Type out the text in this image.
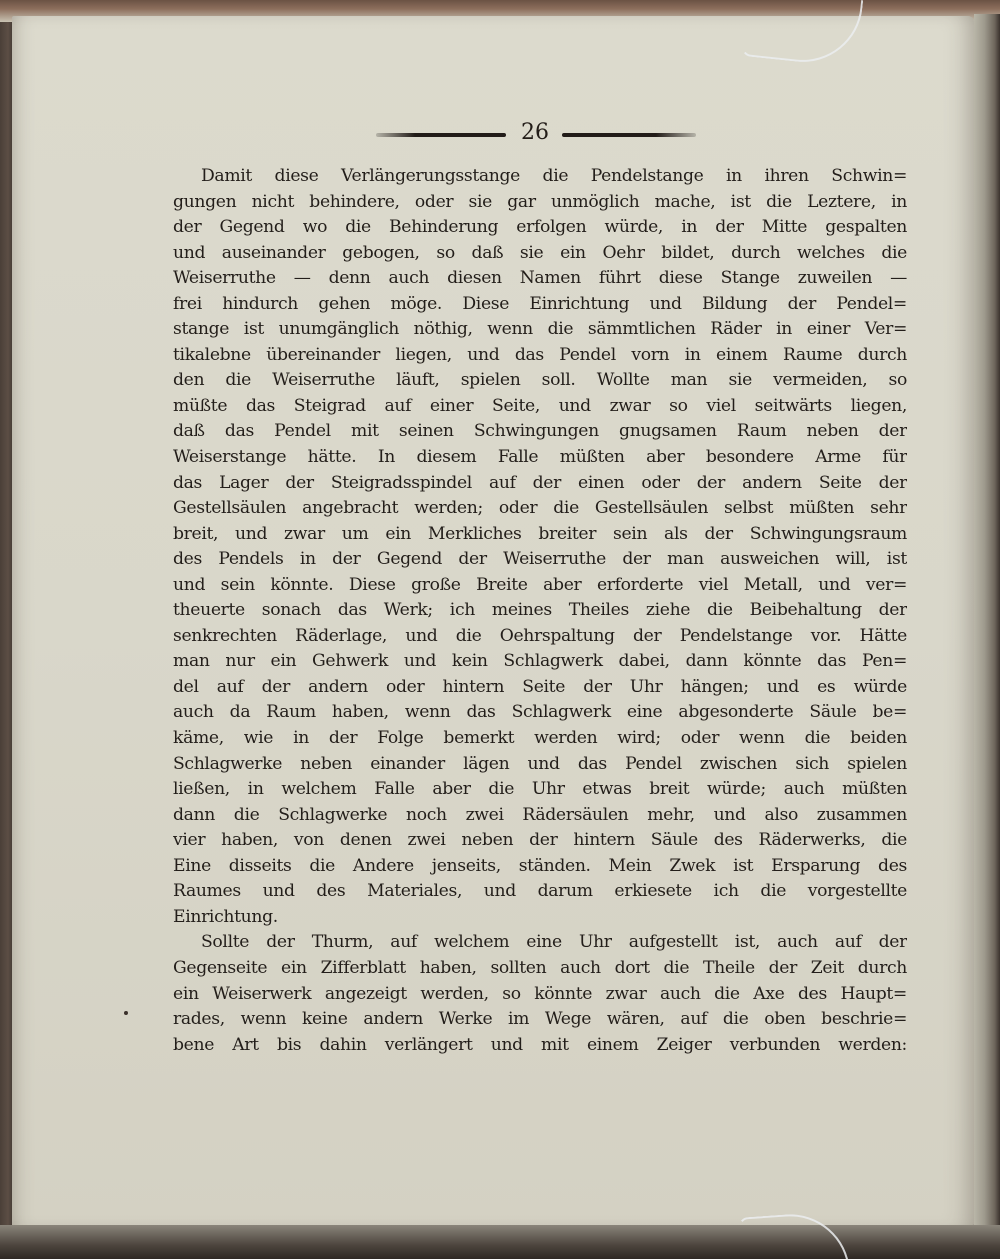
26
Damit diese Verlängerungsstange die Pendelstange in ihren Schwin=
gungen nicht behindere, oder sie gar unmöglich mache, ist die Leztere, in
der Gegend wo die Behinderung erfolgen würde, in der Mitte gespalten
und auseinander gebogen, so daß sie ein Oehr bildet, durch welches die
Weiserruthe — denn auch diesen Namen führt diese Stange zuweilen —
frei hindurch gehen möge. Diese Einrichtung und Bildung der Pendel=
stange ist unumgänglich nöthig, wenn die sämmtlichen Räder in einer Ver=
tikalebne übereinander liegen, und das Pendel vorn in einem Raume durch
den die Weiserruthe läuft, spielen soll. Wollte man sie vermeiden, so
müßte das Steigrad auf einer Seite, und zwar so viel seitwärts liegen,
daß das Pendel mit seinen Schwingungen gnugsamen Raum neben der
Weiserstange hätte. In diesem Falle müßten aber besondere Arme für
das Lager der Steigradsspindel auf der einen oder der andern Seite der
Gestellsäulen angebracht werden; oder die Gestellsäulen selbst müßten sehr
breit, und zwar um ein Merkliches breiter sein als der Schwingungsraum
des Pendels in der Gegend der Weiserruthe der man ausweichen will, ist
und sein könnte. Diese große Breite aber erforderte viel Metall, und ver=
theuerte sonach das Werk; ich meines Theiles ziehe die Beibehaltung der
senkrechten Räderlage, und die Oehrspaltung der Pendelstange vor. Hätte
man nur ein Gehwerk und kein Schlagwerk dabei, dann könnte das Pen=
del auf der andern oder hintern Seite der Uhr hängen; und es würde
auch da Raum haben, wenn das Schlagwerk eine abgesonderte Säule be=
käme, wie in der Folge bemerkt werden wird; oder wenn die beiden
Schlagwerke neben einander lägen und das Pendel zwischen sich spielen
ließen, in welchem Falle aber die Uhr etwas breit würde; auch müßten
dann die Schlagwerke noch zwei Rädersäulen mehr, und also zusammen
vier haben, von denen zwei neben der hintern Säule des Räderwerks, die
Eine disseits die Andere jenseits, ständen. Mein Zwek ist Ersparung des
Raumes und des Materiales, und darum erkiesete ich die vorgestellte
Einrichtung.
Sollte der Thurm, auf welchem eine Uhr aufgestellt ist, auch auf der
Gegenseite ein Zifferblatt haben, sollten auch dort die Theile der Zeit durch
ein Weiserwerk angezeigt werden, so könnte zwar auch die Axe des Haupt=
rades, wenn keine andern Werke im Wege wären, auf die oben beschrie=
bene Art bis dahin verlängert und mit einem Zeiger verbunden werden:
